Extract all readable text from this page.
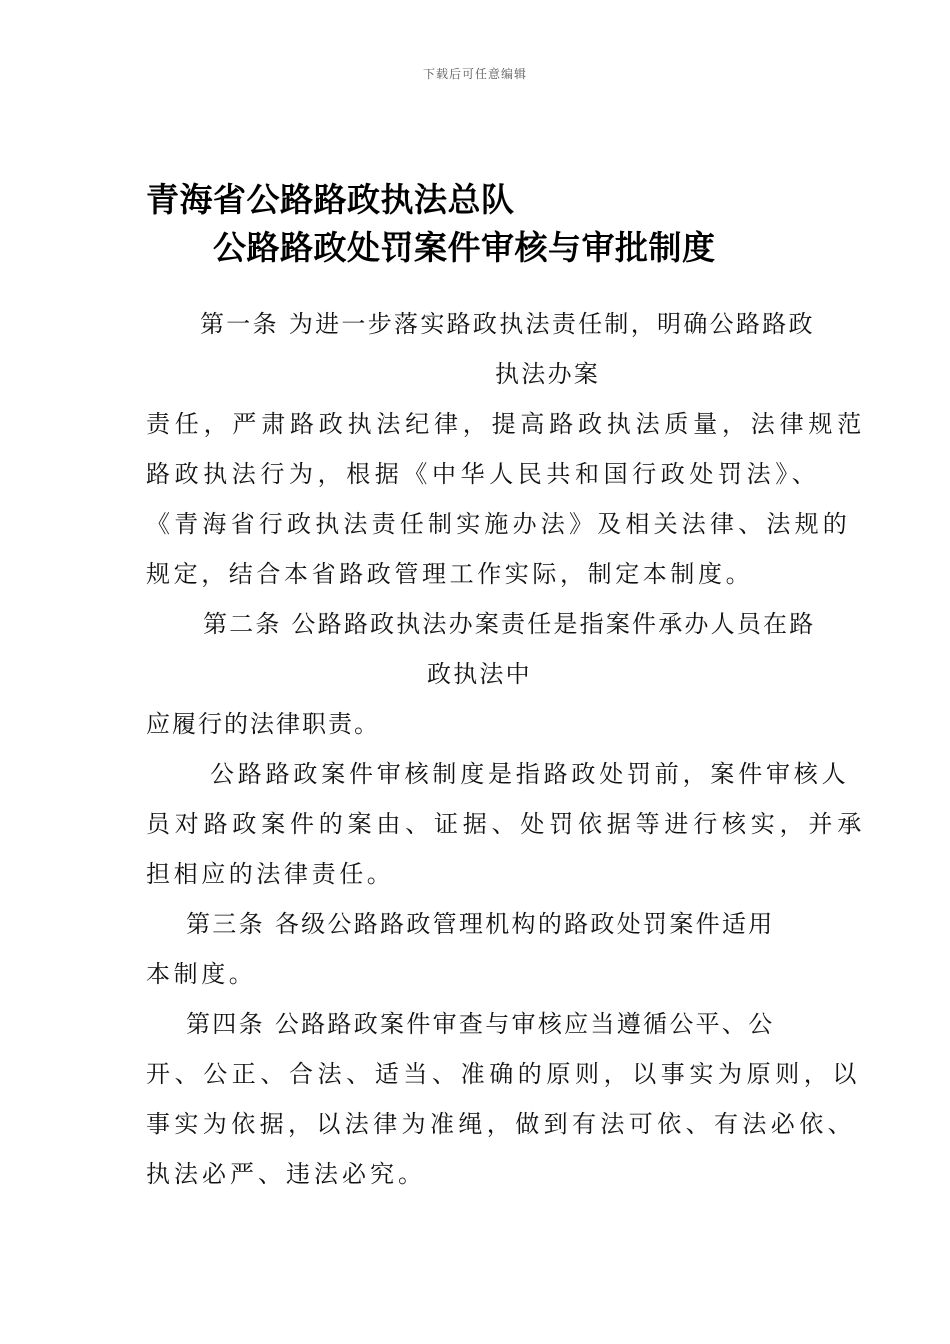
下载后可任意编辑
青海省公路路政执法总队
公路路政处罚案件审核与审批制度

第一条 为进一步落实路政执法责任制，明确公路路政

执法办案

责任，严肃路政执法纪律，提高路政执法质量，法律规范

路政执法行为，根据《中华人民共和国行政处罚法》、

《青海省行政执法责任制实施办法》及相关法律、法规的

规定，结合本省路政管理工作实际，制定本制度。

第二条 公路路政执法办案责任是指案件承办人员在路

政执法中

应履行的法律职责。

公路路政案件审核制度是指路政处罚前，案件审核人

员对路政案件的案由、证据、处罚依据等进行核实，并承

担相应的法律责任。

第三条 各级公路路政管理机构的路政处罚案件适用

本制度。

第四条 公路路政案件审查与审核应当遵循公平、公

开、公正、合法、适当、准确的原则，以事实为原则，以

事实为依据，以法律为准绳，做到有法可依、有法必依、

执法必严、违法必究。
